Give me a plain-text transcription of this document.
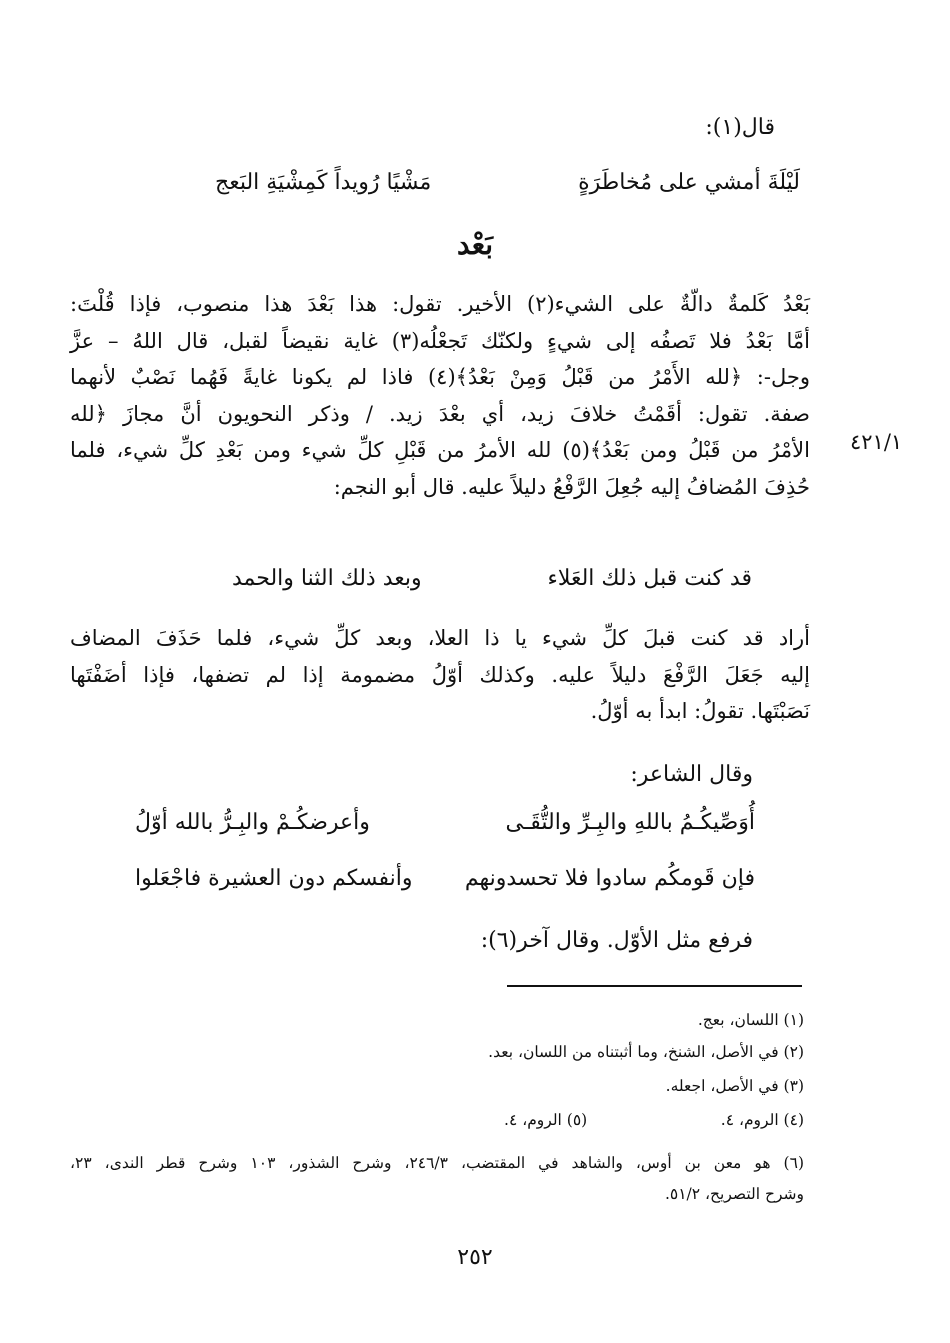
قال(١):
لَيْلَةَ أمشي على مُخاطَرَةٍ
مَشْيًا رُويداً كَمِشْيَةِ البَعج
بَعْد
بَعْدُ كَلمةٌ دالّةٌ على الشيء(٢) الأخير. تقول: هذا بَعْدَ هذا منصوب، فإذا قُلْتَ:
أمَّا بَعْدُ فلا تَصفُه إلى شيءٍ ولكنّك تَجعْلُه(٣) غاية نقيضاً لقبل، قال اللهُ – عزَّ
وجل-: ﴿لله الأَمْرُ من قَبْلُ وَمِنْ بَعْدُ﴾(٤) فاذا لم يكونا غايةً فَهُما نَصْبٌ لأنهما
صفة. تقول: أقَمْتُ خلافَ زيد، أي بعْدَ زيد. / وذكر النحويون أنَّ مجازَ ﴿لله
الأمْرُ من قَبْلُ ومن بَعْدُ﴾(٥) لله الأمرُ من قَبْلِ كلِّ شيء ومن بَعْدِ كلِّ شيء، فلما
حُذِفَ المُضافُ إليه جُعِلَ الرَّفْعُ دليلاً عليه. قال أبو النجم:
٤٢١/١
قد كنت قبل ذلك العَلاء
وبعد ذلك الثنا والحمد
أراد قد كنت قبلَ كلِّ شيء يا ذا العلا، وبعد كلِّ شيء، فلما حَذَفَ المضاف
إليه جَعَلَ الرَّفْعَ دليلاً عليه. وكذلك أوّلُ مضمومة إذا لم تضفها، فإذا أضَفْتَها
نَصَبْتَها. تقولُ: ابدأ به أوّلُ.
وقال الشاعر:
أُوَصِّيكُـمُ باللهِ والبِـرِّ والتُّقَـى
وأعرضكُـمْ والبِـرُّ بالله أوّلُ
فإن قَومكُم سادوا فلا تحسدونهم
وأنفسكم دون العشيرة فاجْعَلوا
فرفع مثل الأوّل. وقال آخر(٦):
(١) اللسان، بعج.
(٢) في الأصل، الشنخ، وما أثبتناه من اللسان، بعد.
(٣) في الأصل، اجعله.
(٤) الروم، ٤.
(٥) الروم، ٤.
(٦) هو معن بن أوس، والشاهد في المقتضب، ٢٤٦/٣، وشرح الشذور، ١٠٣ وشرح قطر الندى، ٢٣،
وشرح التصريح، ٥١/٢.
٢٥٢
